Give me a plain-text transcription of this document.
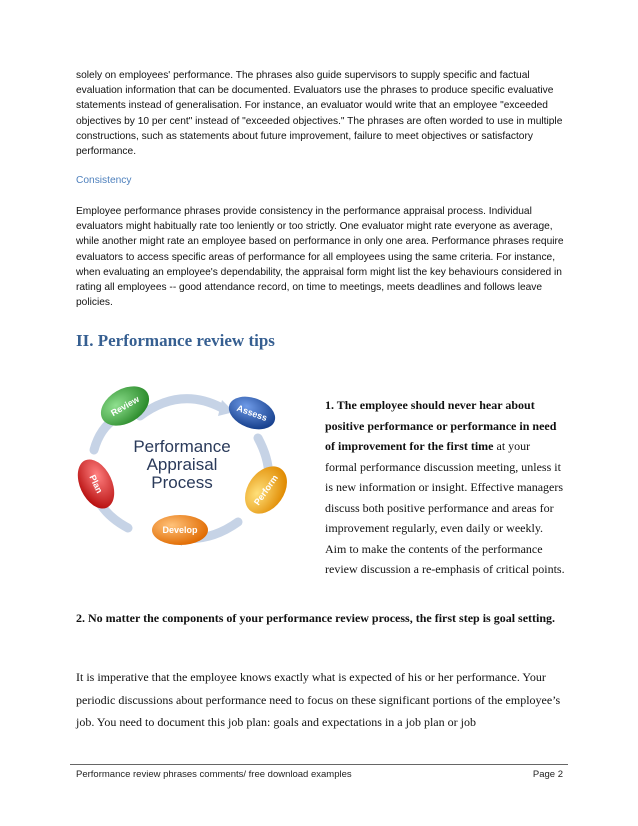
solely on employees' performance. The phrases also guide supervisors to supply specific and factual evaluation information that can be documented. Evaluators use the phrases to produce specific evaluative statements instead of generalisation. For instance, an evaluator would write that an employee "exceeded objectives by 10 per cent" instead of "exceeded objectives." The phrases are often worded to use in multiple constructions, such as statements about future improvement, failure to meet objectives or satisfactory performance.

Consistency

Employee performance phrases provide consistency in the performance appraisal process. Individual evaluators might habitually rate too leniently or too strictly. One evaluator might rate everyone as average, while another might rate an employee based on performance in only one area. Performance phrases require evaluators to access specific areas of performance for all employees using the same criteria. For instance, when evaluating an employee's dependability, the appraisal form might list the key behaviours considered in rating all employees -- good attendance record, on time to meetings, meets deadlines and follows leave policies.

II. Performance review tips
Review	Assess
Perform
Develop
Plan
Performance
Appraisal
Process

1. The employee should never hear about positive performance or performance in need of improvement for the first time at your formal performance discussion meeting, unless it is new information or insight. Effective managers discuss both positive performance and areas for improvement regularly, even daily or weekly. Aim to make the contents of the performance review discussion a re-emphasis of critical points.

2. No matter the components of your performance review process, the first step is goal setting.

It is imperative that the employee knows exactly what is expected of his or her performance. Your periodic discussions about performance need to focus on these significant portions of the employee’s job. You need to document this job plan: goals and expectations in a job plan or job

Performance review phrases comments/ free download examples	Page 2
